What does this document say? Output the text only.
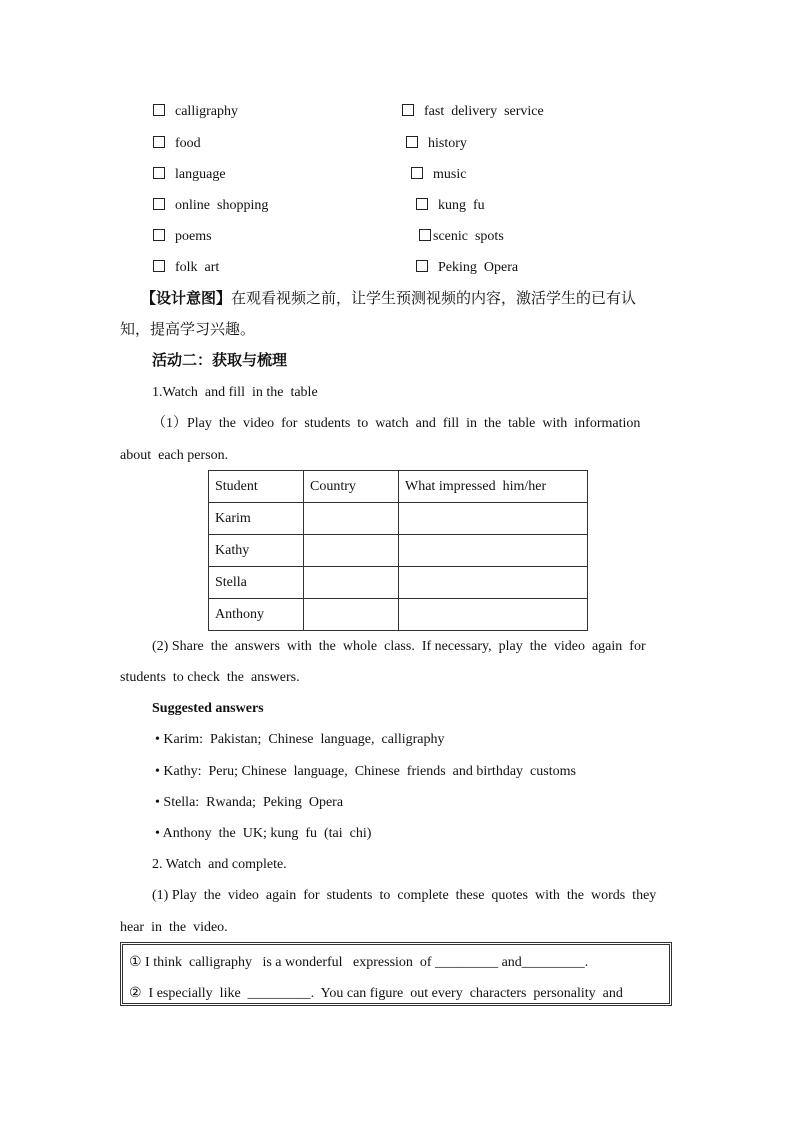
calligraphy
food
language
online  shopping
poems
folk  art
fast  delivery  service
history
music
kung  fu
scenic  spots
Peking  Opera
【设计意图】在观看视频之前，让学生预测视频的内容，激活学生的已有认
知，提高学习兴趣。
活动二：获取与梳理
1.Watch  and fill  in the  table
（1）Play  the  video  for  students  to  watch  and  fill  in  the  table  with  information
about  each person.
Student	Country	What impressed  him/her
Karim		
Kathy		
Stella		
Anthony		
(2) Share  the  answers  with  the  whole  class.  If necessary,  play  the  video  again  for
students  to check  the  answers.
Suggested answers
• Karim:  Pakistan;  Chinese  language,  calligraphy
• Kathy:  Peru; Chinese  language,  Chinese  friends  and birthday  customs
• Stella:  Rwanda;  Peking  Opera
• Anthony  the  UK; kung  fu  (tai  chi)
2. Watch  and complete.
(1) Play  the  video  again  for  students  to  complete  these  quotes  with  the  words  they
hear  in  the  video.
① I think  calligraphy   is a wonderful   expression  of _________ and_________.
②  I especially  like  _________.  You can figure  out every  characters  personality  and
